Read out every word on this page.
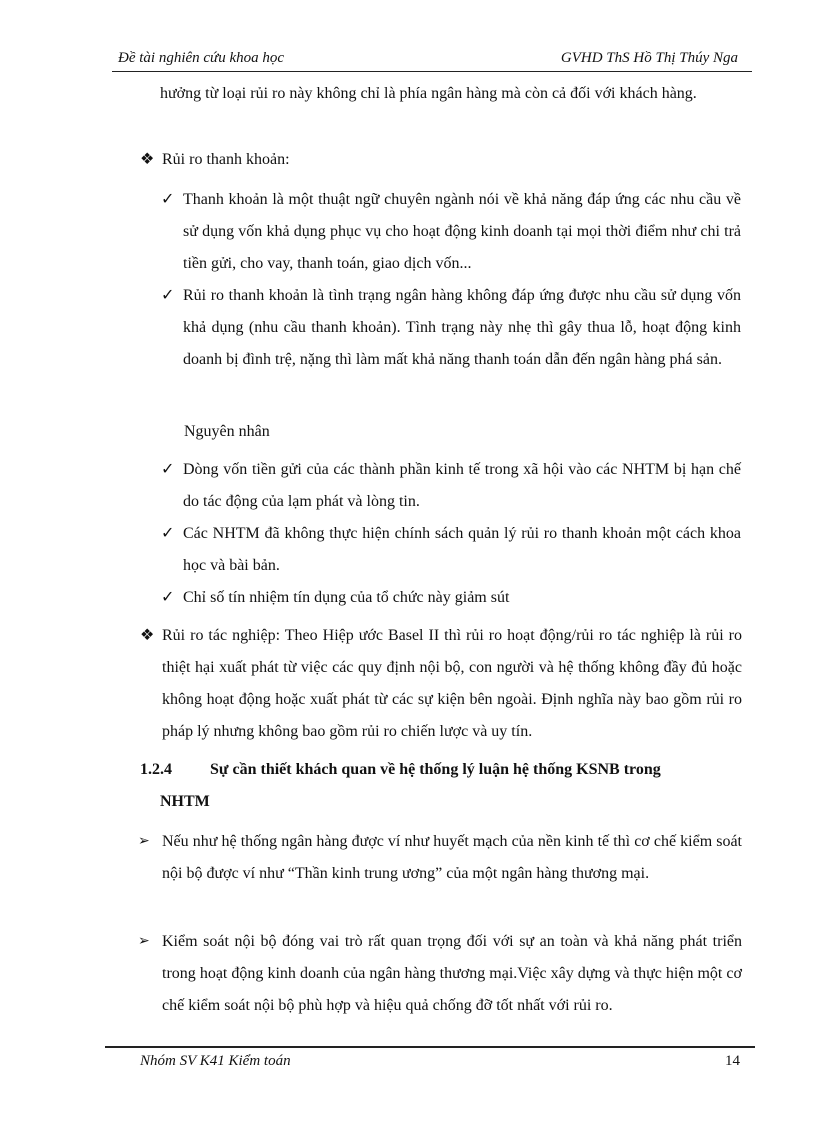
Đề tài nghiên cứu khoa học	GVHD ThS Hồ Thị Thúy Nga

hưởng từ loại rủi ro này không chỉ là phía ngân hàng mà còn cả đối với khách hàng.

❖ Rủi ro thanh khoản:
✓ Thanh khoản là một thuật ngữ chuyên ngành nói về khả năng đáp ứng các nhu cầu về sử dụng vốn khả dụng phục vụ cho hoạt động kinh doanh tại mọi thời điểm như chi trả tiền gửi, cho vay, thanh toán, giao dịch vốn...
✓ Rủi ro thanh khoản là tình trạng ngân hàng không đáp ứng được nhu cầu sử dụng vốn khả dụng (nhu cầu thanh khoản). Tình trạng này nhẹ thì gây thua lỗ, hoạt động kinh doanh bị đình trệ, nặng thì làm mất khả năng thanh toán dẫn đến ngân hàng phá sản.

Nguyên nhân

✓ Dòng vốn tiền gửi của các thành phần kinh tế trong xã hội vào các NHTM bị hạn chế do tác động của lạm phát và lòng tin.
✓ Các NHTM đã không thực hiện chính sách quản lý rủi ro thanh khoản một cách khoa học và bài bản.
✓ Chỉ số tín nhiệm tín dụng của tổ chức này giảm sút
❖ Rủi ro tác nghiệp: Theo Hiệp ước Basel II thì rủi ro hoạt động/rủi ro tác nghiệp là rủi ro thiệt hại xuất phát từ việc các quy định nội bộ, con người và hệ thống không đầy đủ hoặc không hoạt động hoặc xuất phát từ các sự kiện bên ngoài. Định nghĩa này bao gồm rủi ro pháp lý nhưng không bao gồm rủi ro chiến lược và uy tín.
1.2.4 Sự cần thiết khách quan về hệ thống lý luận hệ thống KSNB trong
NHTM
➢ Nếu như hệ thống ngân hàng được ví như huyết mạch của nền kinh tế thì cơ chế kiểm soát nội bộ được ví như “Thần kinh trung ương” của một ngân hàng thương mại.
➢ Kiểm soát nội bộ đóng vai trò rất quan trọng đối với sự an toàn và khả năng phát triển trong hoạt động kinh doanh của ngân hàng thương mại.Việc xây dựng và thực hiện một cơ chế kiểm soát nội bộ phù hợp và hiệu quả chống đỡ tốt nhất với rủi ro.
Nhóm SV K41 Kiểm toán	14
